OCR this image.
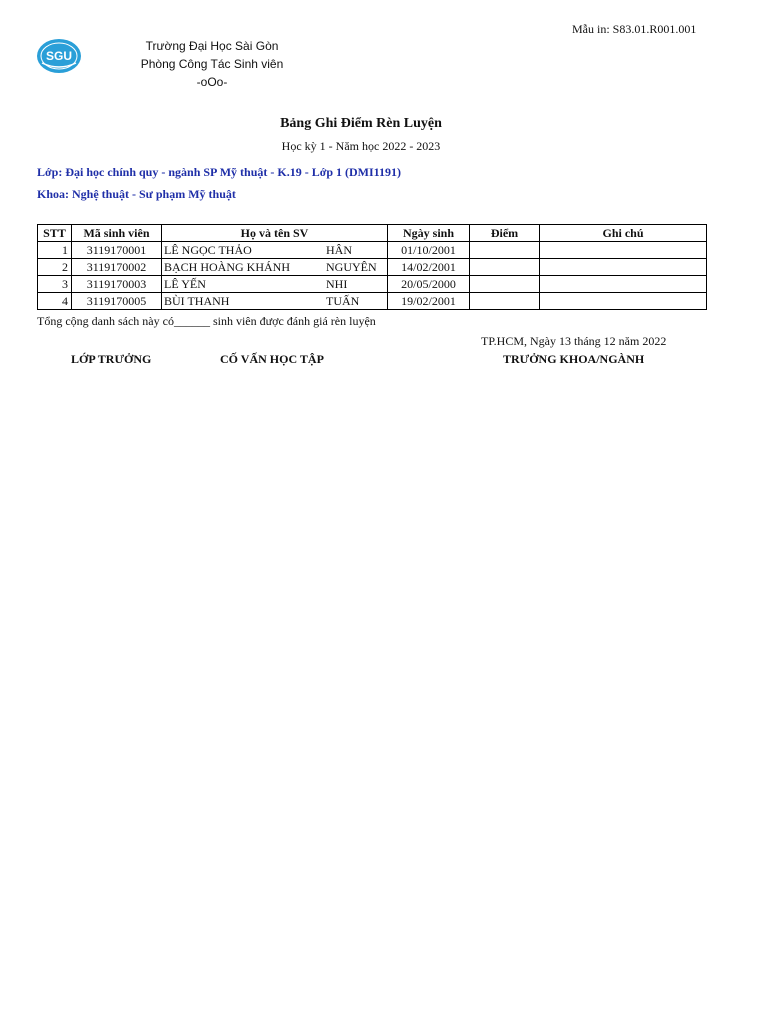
Mẫu in: S83.01.R001.001
SGU
Trường Đại Học Sài Gòn
Phòng Công Tác Sinh viên
-oOo-
Bảng Ghi Điểm Rèn Luyện
Học kỳ 1 - Năm học 2022 - 2023
Lớp: Đại học chính quy - ngành SP Mỹ thuật - K.19 - Lớp 1 (DMI1191)
Khoa: Nghệ thuật - Sư phạm Mỹ thuật
STT	Mã sinh viên	Họ và tên SV		Ngày sinh	Điểm	Ghi chú
1	3119170001	LÊ NGỌC THẢO	HÂN	01/10/2001		
2	3119170002	BẠCH HOÀNG KHÁNH	NGUYÊN	14/02/2001		
3	3119170003	LÊ YẾN	NHI	20/05/2000		
4	3119170005	BÙI THANH	TUẤN	19/02/2001		
Tổng cộng danh sách này có______ sinh viên được đánh giá rèn luyện
TP.HCM, Ngày 13 tháng 12 năm 2022
LỚP TRƯỞNG	CỐ VẤN HỌC TẬP	TRƯỞNG KHOA/NGÀNH
